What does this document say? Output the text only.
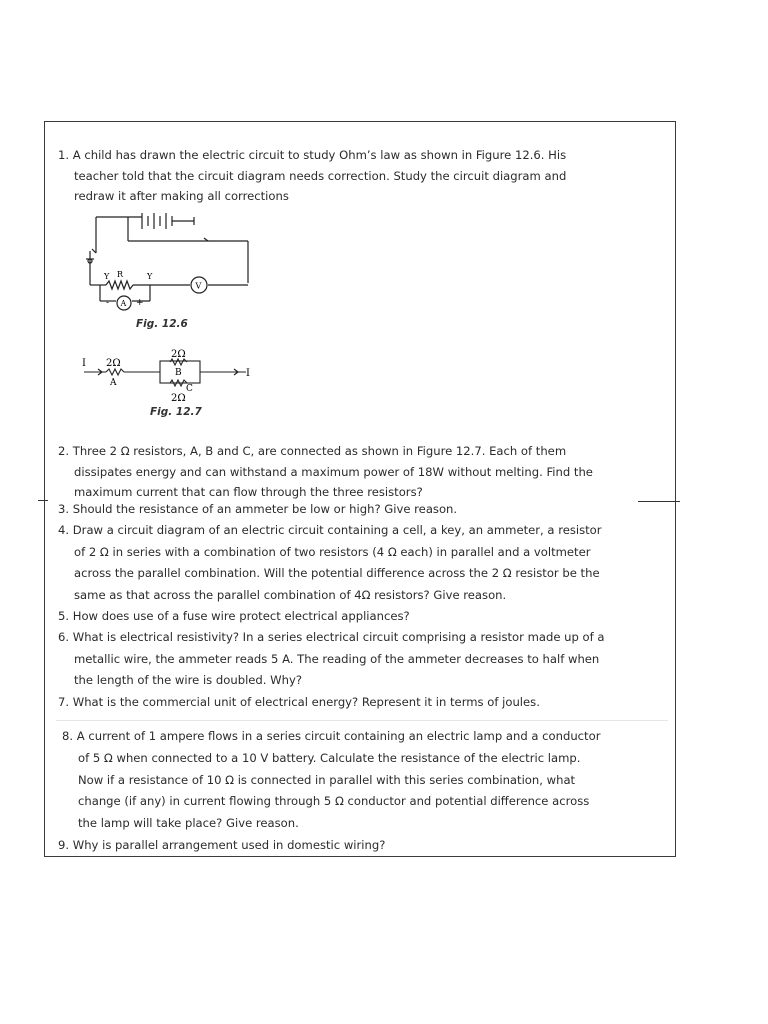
1. A child has drawn the electric circuit to study Ohm’s law as shown in Figure 12.6. His
teacher told that the circuit diagram needs correction. Study the circuit diagram and
redraw it after making all corrections
Y R	Y
A
V
-	+
Fig. 12.6
I 2Ω
A
2Ω
B
2Ω
C
I
Fig. 12.7
2. Three 2 Ω resistors, A, B and C, are connected as shown in Figure 12.7. Each of them
dissipates energy and can withstand a maximum power of 18W without melting. Find the
maximum current that can flow through the three resistors?
3. Should the resistance of an ammeter be low or high? Give reason.
4. Draw a circuit diagram of an electric circuit containing a cell, a key, an ammeter, a resistor
of 2 Ω in series with a combination of two resistors (4 Ω each) in parallel and a voltmeter
across the parallel combination. Will the potential difference across the 2 Ω resistor be the
same as that across the parallel combination of 4Ω resistors? Give reason.
5. How does use of a fuse wire protect electrical appliances?
6. What is electrical resistivity? In a series electrical circuit comprising a resistor made up of a
metallic wire, the ammeter reads 5 A. The reading of the ammeter decreases to half when
the length of the wire is doubled. Why?
7. What is the commercial unit of electrical energy? Represent it in terms of joules.
8. A current of 1 ampere flows in a series circuit containing an electric lamp and a conductor
of 5 Ω when connected to a 10 V battery. Calculate the resistance of the electric lamp.
Now if a resistance of 10 Ω is connected in parallel with this series combination, what
change (if any) in current flowing through 5 Ω conductor and potential difference across
the lamp will take place? Give reason.
9. Why is parallel arrangement used in domestic wiring?
